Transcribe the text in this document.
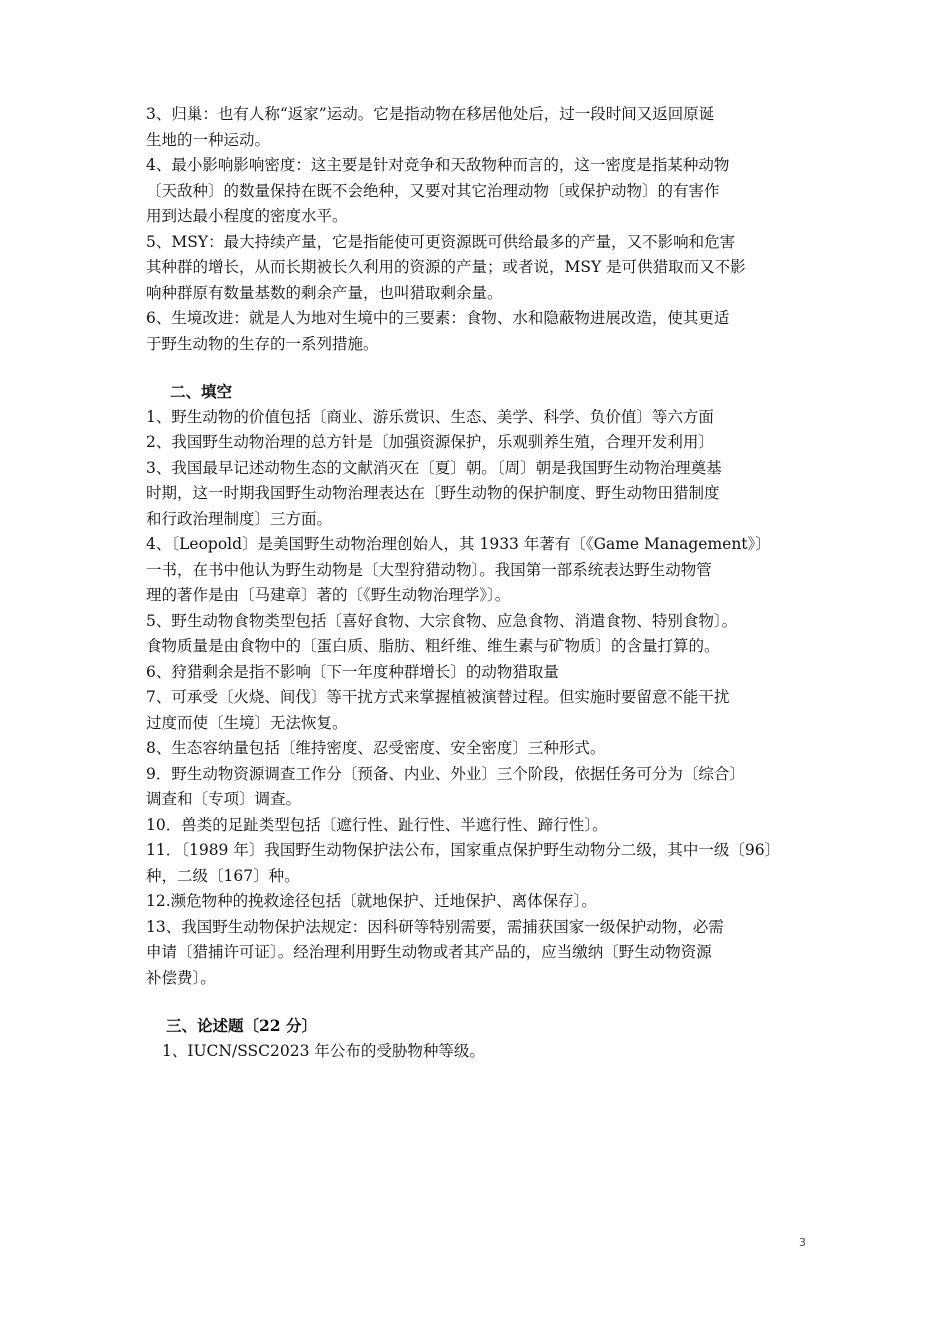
3、归巢：也有人称“返家”运动。它是指动物在移居他处后，过一段时间又返回原诞
生地的一种运动。
4、最小影响影响密度：这主要是针对竞争和天敌物种而言的，这一密度是指某种动物
〔天敌种〕的数量保持在既不会绝种，又要对其它治理动物〔或保护动物〕的有害作
用到达最小程度的密度水平。
5、MSY：最大持续产量，它是指能使可更资源既可供给最多的产量，又不影响和危害
其种群的增长，从而长期被长久利用的资源的产量；或者说，MSY 是可供猎取而又不影
响种群原有数量基数的剩余产量，也叫猎取剩余量。
6、生境改进：就是人为地对生境中的三要素：食物、水和隐蔽物进展改造，使其更适
于野生动物的生存的一系列措施。
二、填空
1、野生动物的价值包括〔商业、游乐赏识、生态、美学、科学、负价值〕等六方面
2、我国野生动物治理的总方针是〔加强资源保护，乐观驯养生殖，合理开发利用〕
3、我国最早记述动物生态的文献消灭在〔夏〕朝。〔周〕朝是我国野生动物治理奠基
时期，这一时期我国野生动物治理表达在〔野生动物的保护制度、野生动物田猎制度
和行政治理制度〕三方面。
4、〔Leopold〕是美国野生动物治理创始人，其 1933 年著有〔《Game Management》〕
一书，在书中他认为野生动物是〔大型狩猎动物〕。我国第一部系统表达野生动物管
理的著作是由〔马建章〕著的〔《野生动物治理学》〕。
5、野生动物食物类型包括〔喜好食物、大宗食物、应急食物、消遣食物、特别食物〕。
食物质量是由食物中的〔蛋白质、脂肪、粗纤维、维生素与矿物质〕的含量打算的。
6、狩猎剩余是指不影响〔下一年度种群增长〕的动物猎取量
7、可承受〔火烧、间伐〕等干扰方式来掌握植被演替过程。但实施时要留意不能干扰
过度而使〔生境〕无法恢复。
8、生态容纳量包括〔维持密度、忍受密度、安全密度〕三种形式。
9．野生动物资源调查工作分〔预备、内业、外业〕三个阶段，依据任务可分为〔综合〕
调查和〔专项〕调查。
10．兽类的足趾类型包括〔遮行性、趾行性、半遮行性、蹄行性〕。
11．〔1989 年〕我国野生动物保护法公布，国家重点保护野生动物分二级，其中一级〔96〕
种，二级〔167〕种。
12.濒危物种的挽救途径包括〔就地保护、迁地保护、离体保存〕。
13、我国野生动物保护法规定：因科研等特别需要，需捕获国家一级保护动物，必需
申请〔猎捕许可证〕。经治理利用野生动物或者其产品的，应当缴纳〔野生动物资源
补偿费〕。
三、论述题〔22 分〕
1、IUCN/SSC2023 年公布的受胁物种等级。
3
